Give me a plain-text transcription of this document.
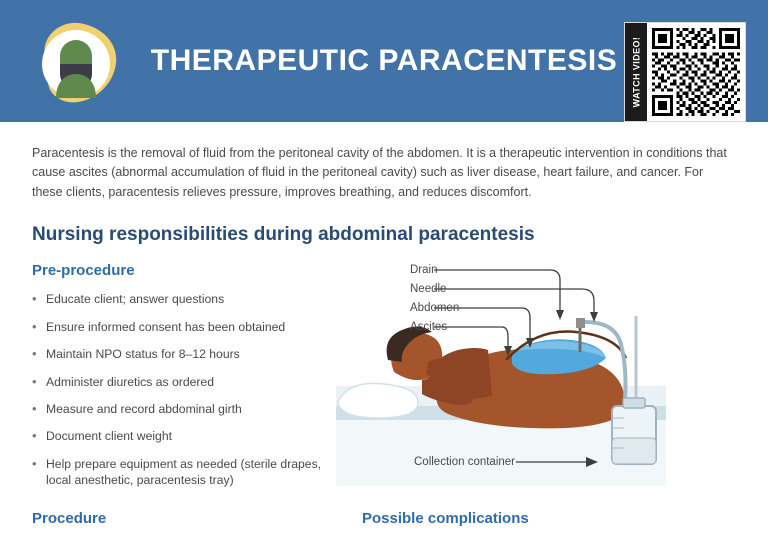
THERAPEUTIC PARACENTESIS WATCH VIDEO!

Paracentesis is the removal of fluid from the peritoneal cavity of the abdomen. It is a therapeutic intervention in conditions that cause ascites (abnormal accumulation of fluid in the peritoneal cavity) such as liver disease, heart failure, and cancer. For these clients, paracentesis relieves pressure, improves breathing, and reduces discomfort.

Nursing responsibilities during abdominal paracentesis
Pre-procedure
• Educate client; answer questions
• Ensure informed consent has been obtained
• Maintain NPO status for 8–12 hours
• Administer diuretics as ordered
• Measure and record abdominal girth
• Document client weight
• Help prepare equipment as needed (sterile drapes, local anesthetic, paracentesis tray)
Drain
Needle
Abdomen
Ascites
Collection container
Procedure	Possible complications
